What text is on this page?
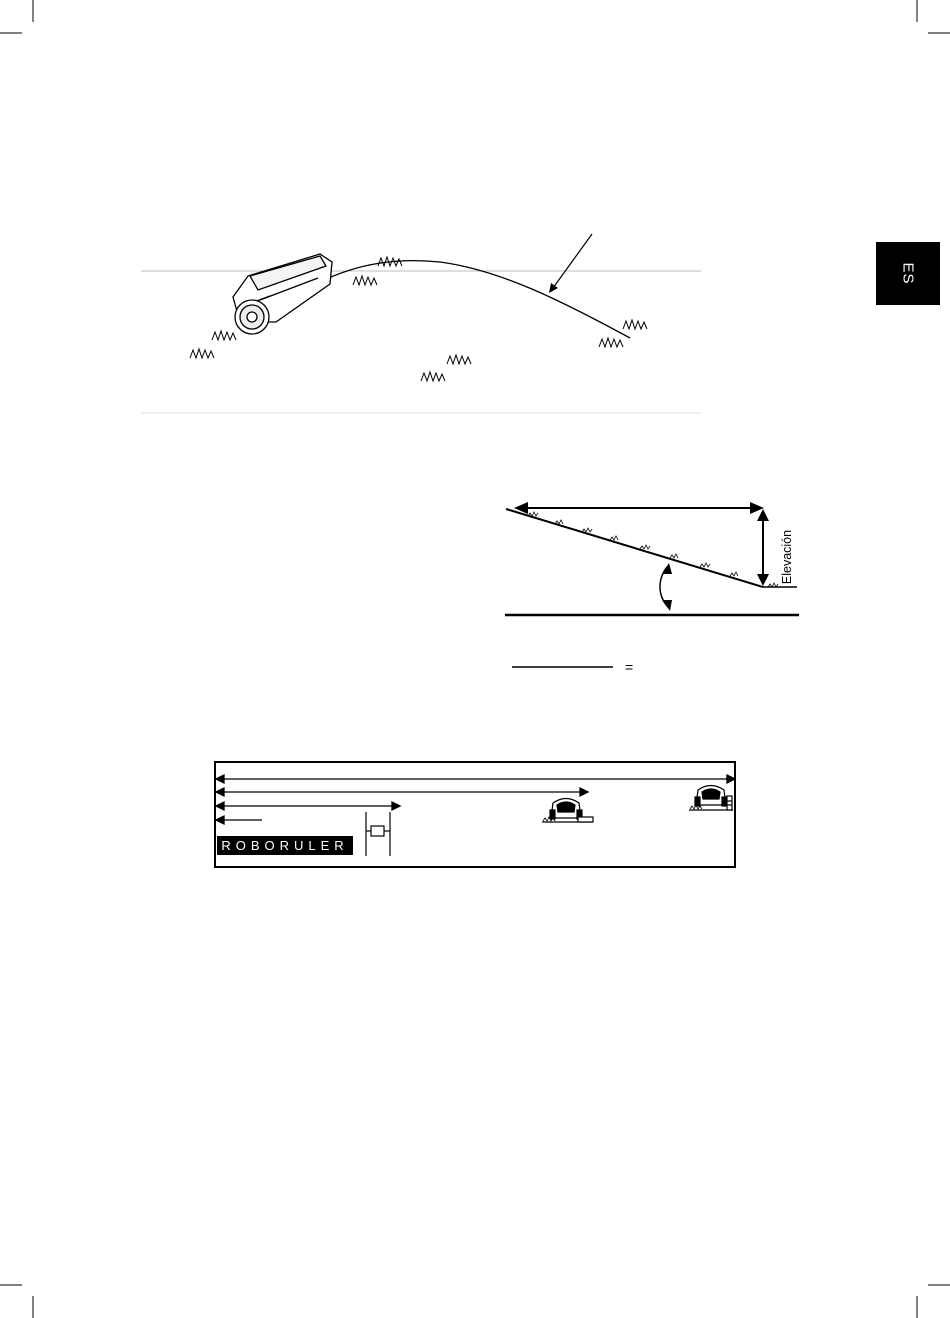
ES
Elevación
=
ROBORULER
